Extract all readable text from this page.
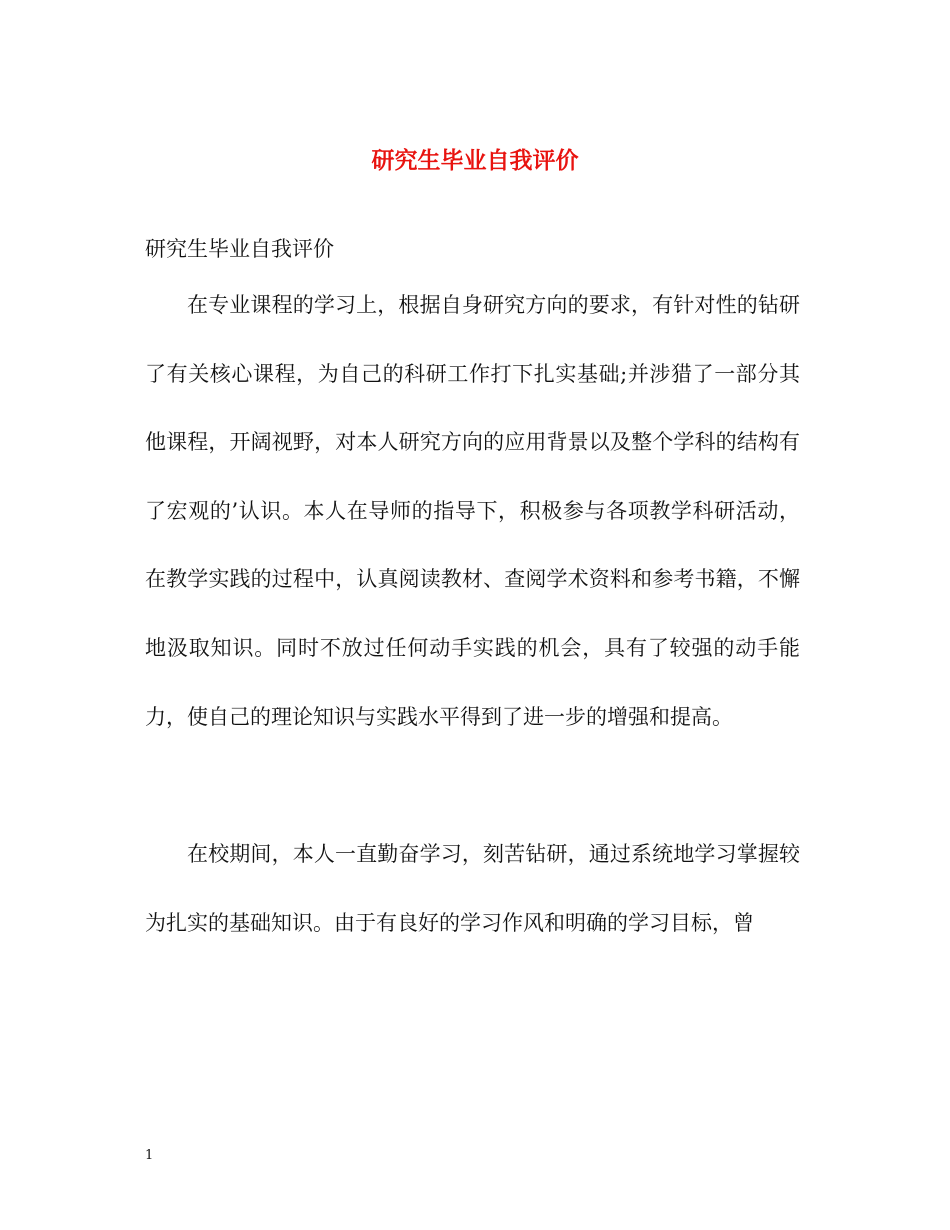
研究生毕业自我评价

研究生毕业自我评价

在专业课程的学习上，根据自身研究方向的要求，有针对性的钻研了有关核心课程，为自己的科研工作打下扎实基础;并涉猎了一部分其他课程，开阔视野，对本人研究方向的应用背景以及整个学科的结构有了宏观的’认识。本人在导师的指导下，积极参与各项教学科研活动，在教学实践的过程中，认真阅读教材、查阅学术资料和参考书籍，不懈地汲取知识。同时不放过任何动手实践的机会，具有了较强的动手能力，使自己的理论知识与实践水平得到了进一步的增强和提高。

在校期间，本人一直勤奋学习，刻苦钻研，通过系统地学习掌握较为扎实的基础知识。由于有良好的学习作风和明确的学习目标，曾

1
